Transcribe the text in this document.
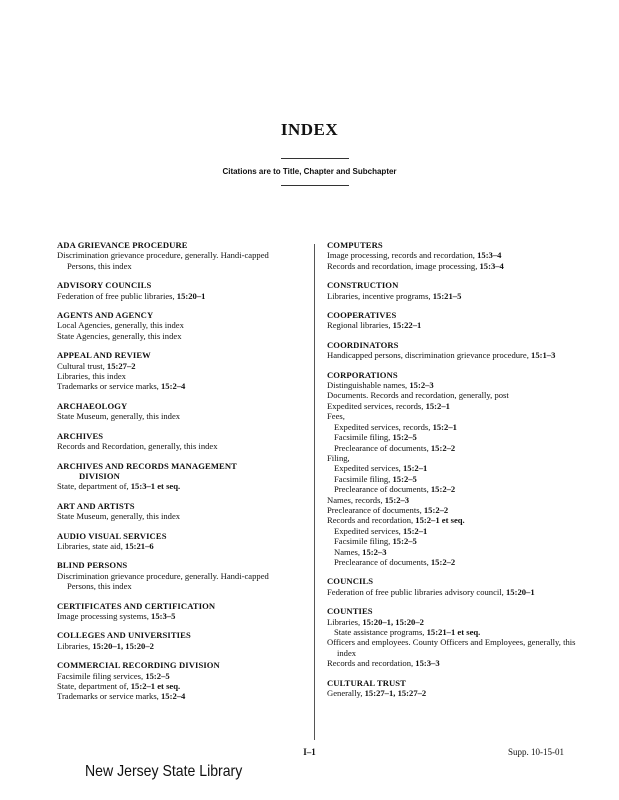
INDEX
Citations are to Title, Chapter and Subchapter
ADA GRIEVANCE PROCEDURE
Discrimination grievance procedure, generally. Handi-capped Persons, this index
ADVISORY COUNCILS
Federation of free public libraries, 15:20–1
AGENTS AND AGENCY
Local Agencies, generally, this index
State Agencies, generally, this index
APPEAL AND REVIEW
Cultural trust, 15:27–2
Libraries, this index
Trademarks or service marks, 15:2–4
ARCHAEOLOGY
State Museum, generally, this index
ARCHIVES
Records and Recordation, generally, this index
ARCHIVES AND RECORDS MANAGEMENT
DIVISION
State, department of, 15:3–1 et seq.
ART AND ARTISTS
State Museum, generally, this index
AUDIO VISUAL SERVICES
Libraries, state aid, 15:21–6
BLIND PERSONS
Discrimination grievance procedure, generally. Handi-capped Persons, this index
CERTIFICATES AND CERTIFICATION
Image processing systems, 15:3–5
COLLEGES AND UNIVERSITIES
Libraries, 15:20–1, 15:20–2
COMMERCIAL RECORDING DIVISION
Facsimile filing services, 15:2–5
State, department of, 15:2–1 et seq.
Trademarks or service marks, 15:2–4
COMPUTERS
Image processing, records and recordation, 15:3–4
Records and recordation, image processing, 15:3–4
CONSTRUCTION
Libraries, incentive programs, 15:21–5
COOPERATIVES
Regional libraries, 15:22–1
COORDINATORS
Handicapped persons, discrimination grievance procedure, 15:1–3
CORPORATIONS
Distinguishable names, 15:2–3
Documents. Records and recordation, generally, post
Expedited services, records, 15:2–1
Fees,
Expedited services, records, 15:2–1
Facsimile filing, 15:2–5
Preclearance of documents, 15:2–2
Filing,
Expedited services, 15:2–1
Facsimile filing, 15:2–5
Preclearance of documents, 15:2–2
Names, records, 15:2–3
Preclearance of documents, 15:2–2
Records and recordation, 15:2–1 et seq.
Expedited services, 15:2–1
Facsimile filing, 15:2–5
Names, 15:2–3
Preclearance of documents, 15:2–2
COUNCILS
Federation of free public libraries advisory council, 15:20–1
COUNTIES
Libraries, 15:20–1, 15:20–2
State assistance programs, 15:21–1 et seq.
Officers and employees. County Officers and Employees, generally, this index
Records and recordation, 15:3–3
CULTURAL TRUST
Generally, 15:27–1, 15:27–2
I–1	Supp. 10-15-01
New Jersey State Library
